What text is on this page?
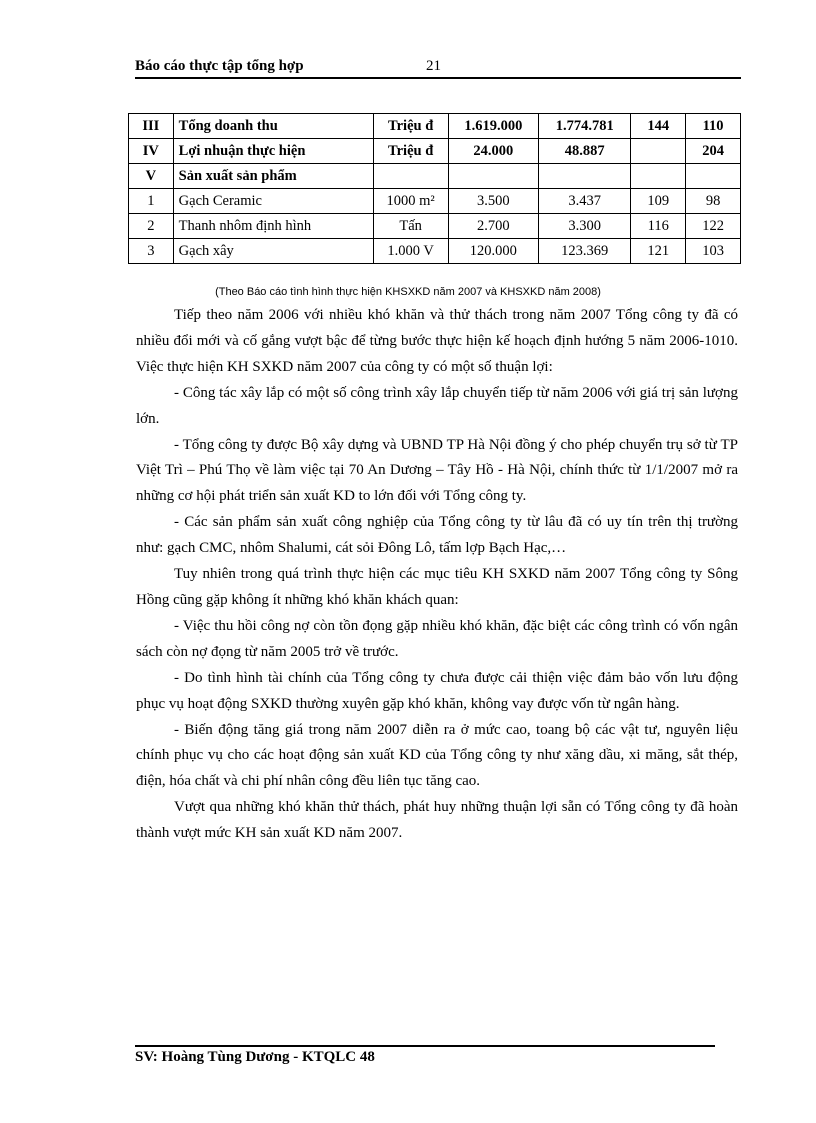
Báo cáo thực tập tổng hợp	21
III	Tổng doanh thu	Triệu đ	1.619.000	1.774.781	144	110
IV	Lợi nhuận thực hiện	Triệu đ	24.000	48.887		204
V	Sản xuất sản phẩm					
1	Gạch Ceramic	1000 m²	3.500	3.437	109	98
2	Thanh nhôm định hình	Tấn	2.700	3.300	116	122
3	Gạch xây	1.000 V	120.000	123.369	121	103
(Theo Báo cáo tình hình thực hiện KHSXKD năm 2007 và KHSXKD năm 2008)

Tiếp theo năm 2006 với nhiều khó khăn và thử thách trong năm 2007 Tổng công ty đã có nhiều đổi mới và cố gắng vượt bậc để từng bước thực hiện kế hoạch định hướng 5 năm 2006-1010. Việc thực hiện KH SXKD năm 2007 của công ty có một số thuận lợi:

- Công tác xây lắp có một số công trình xây lắp chuyển tiếp từ năm 2006 với giá trị sản lượng lớn.

- Tổng công ty được Bộ xây dựng và UBND TP Hà Nội đồng ý cho phép chuyển trụ sở từ TP Việt Trì – Phú Thọ về làm việc tại 70 An Dương – Tây Hồ - Hà Nội, chính thức từ 1/1/2007 mở ra những cơ hội phát triển sản xuất KD to lớn đối với Tổng công ty.

- Các sản phẩm sản xuất công nghiệp của Tổng công ty từ lâu đã có uy tín trên thị trường như: gạch CMC, nhôm Shalumi, cát sỏi Đông Lô, tấm lợp Bạch Hạc,…

Tuy nhiên trong quá trình thực hiện các mục tiêu KH SXKD năm 2007 Tổng công ty Sông Hồng cũng gặp không ít những khó khăn khách quan:

- Việc thu hồi công nợ còn tồn đọng gặp nhiều khó khăn, đặc biệt các công trình có vốn ngân sách còn nợ đọng từ năm 2005 trở về trước.

- Do tình hình tài chính của Tổng công ty chưa được cải thiện việc đảm bảo vốn lưu động phục vụ hoạt động SXKD thường xuyên gặp khó khăn, không vay được vốn từ ngân hàng.

- Biến động tăng giá trong năm 2007 diễn ra ở mức cao, toang bộ các vật tư, nguyên liệu chính phục vụ cho các hoạt động sản xuất KD của Tổng công ty như xăng dầu, xi măng, sắt thép, điện, hóa chất và chi phí nhân công đều liên tục tăng cao.

Vượt qua những khó khăn thử thách, phát huy những thuận lợi sẵn có Tổng công ty đã hoàn thành vượt mức KH sản xuất KD năm 2007.

SV: Hoàng Tùng Dương - KTQLC 48
